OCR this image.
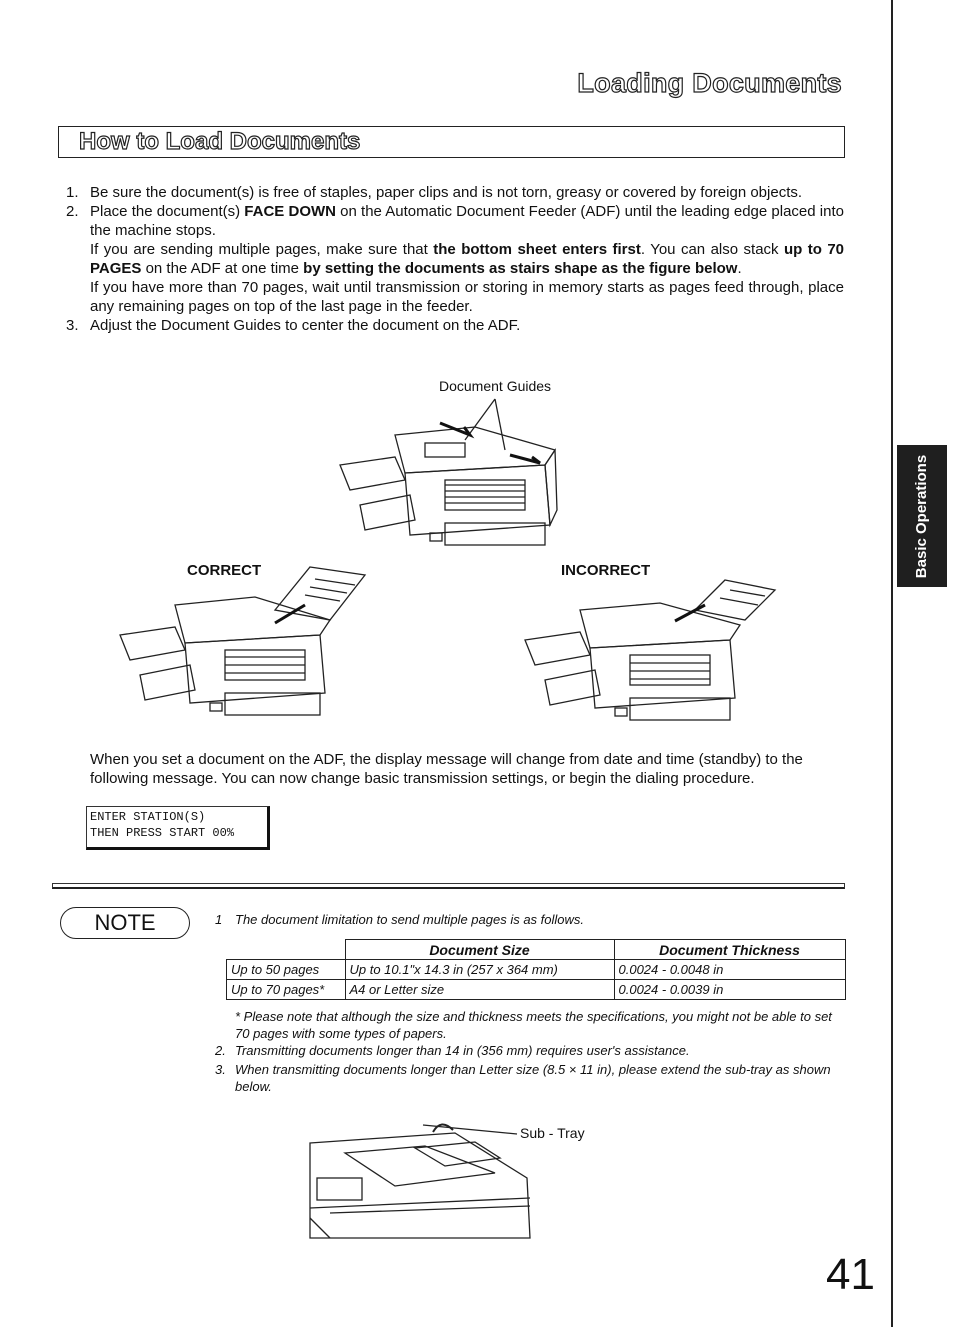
Basic Operations
Loading Documents
How to Load Documents
1. Be sure the document(s) is free of staples, paper clips and is not torn, greasy or covered by foreign objects.
2. Place the document(s) FACE DOWN on the Automatic Document Feeder (ADF) until the leading edge placed into the machine stops.
If you are sending multiple pages, make sure that the bottom sheet enters first. You can also stack up to 70 PAGES on the ADF at one time by setting the documents as stairs shape as the figure below.
If you have more than 70 pages, wait until transmission or storing in memory starts as pages feed through, place any remaining pages on top of the last page in the feeder.
3. Adjust the Document Guides to center the document on the ADF.
Document Guides
CORRECT	INCORRECT
When you set a document on the ADF, the display message will change from date and time (standby) to the following message. You can now change basic transmission settings, or begin the dialing procedure.
ENTER STATION(S)
THEN PRESS START 00%
NOTE	1 The document limitation to send multiple pages is as follows.
	Document Size	Document Thickness
Up to 50 pages	Up to 10.1"x 14.3 in (257 x 364 mm)	0.0024 - 0.0048 in
Up to 70 pages*	A4 or Letter size	0.0024 - 0.0039 in
* Please note that although the size and thickness meets the specifications, you might not be able to set 70 pages with some types of papers.
2. Transmitting documents longer than 14 in (356 mm) requires user's assistance.
3. When transmitting documents longer than Letter size (8.5 × 11 in), please extend the sub-tray as shown below.
Sub - Tray
41
